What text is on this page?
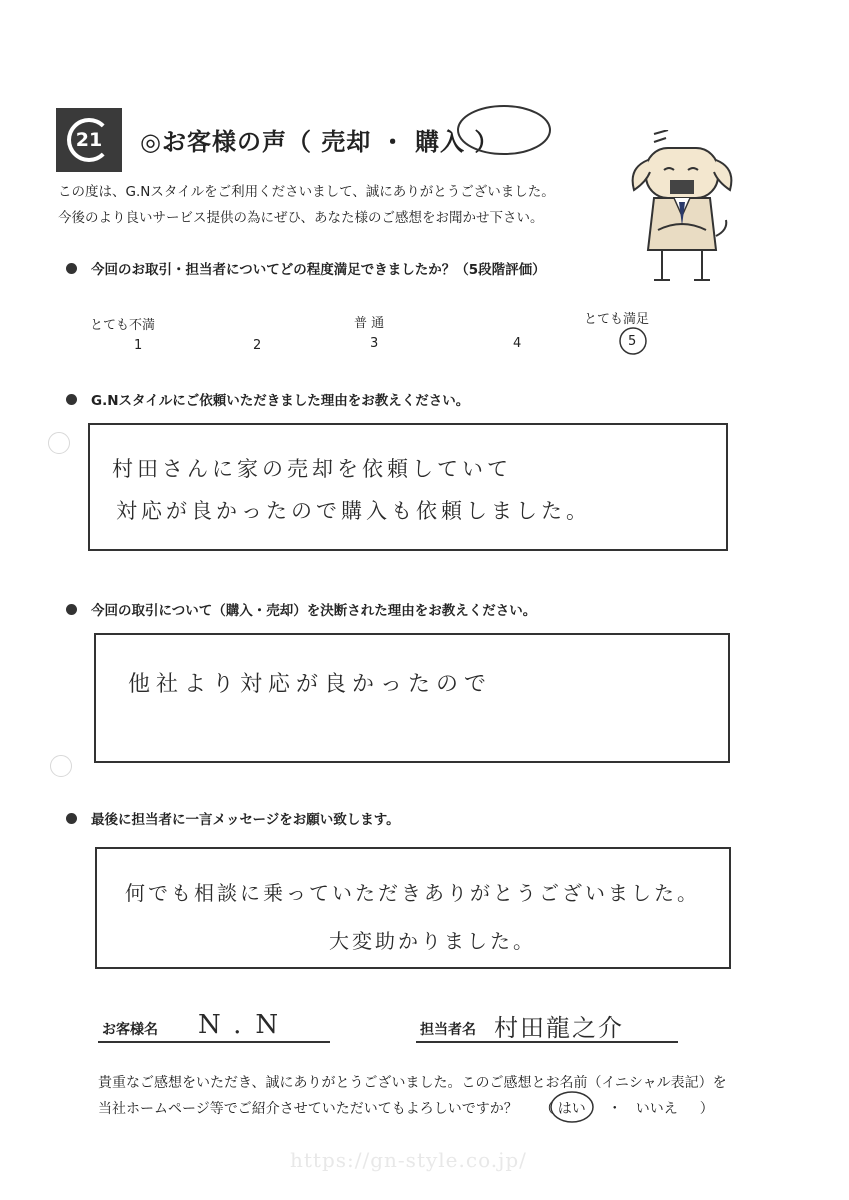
21 ◎お客様の声（ 売却 ・ 購入 ）
この度は、G.Nスタイルをご利用くださいまして、誠にありがとうございました。
今後のより良いサービス提供の為にぜひ、あなた様のご感想をお聞かせ下さい。
今回のお取引・担当者についてどの程度満足できましたか？（5段階評価）
とても不満	普 通	とても満足
1	2	3	4	5
G.Nスタイルにご依頼いただきました理由をお教えください。
村田さんに家の売却を依頼していて
対応が良かったので購入も依頼しました。
今回の取引について（購入・売却）を決断された理由をお教えください。
他社より対応が良かったので
最後に担当者に一言メッセージをお願い致します。
何でも相談に乗っていただきありがとうございました。
大変助かりました。
お客様名 N.N	担当者名 村田龍之介
貴重なご感想をいただき、誠にありがとうございました。このご感想とお名前（イニシャル表記）を
当社ホームページ等でご紹介させていただいてもよろしいですか？ （ はい ・ いいえ ）
https://gn-style.co.jp/
